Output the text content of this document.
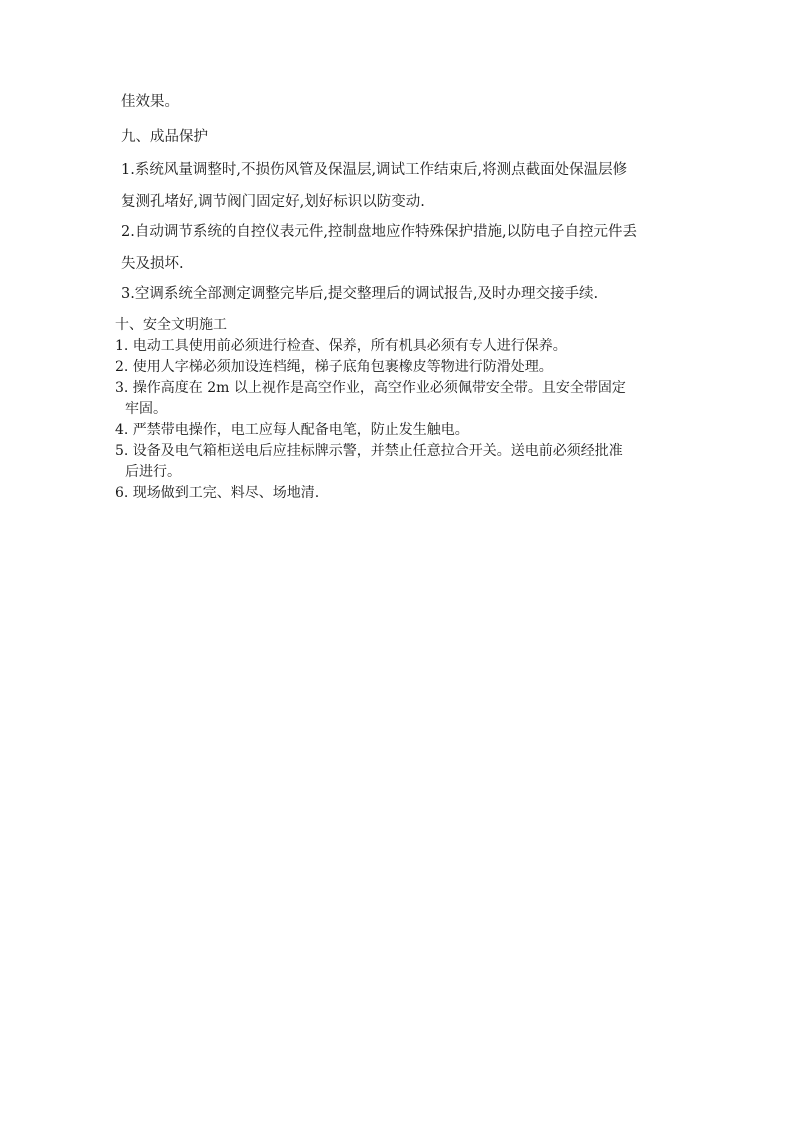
佳效果。
九、成品保护
1.系统风量调整时,不损伤风管及保温层,调试工作结束后,将测点截面处保温层修
复测孔堵好,调节阀门固定好,划好标识以防变动.
2.自动调节系统的自控仪表元件,控制盘地应作特殊保护措施,以防电子自控元件丢
失及损坏.
3.空调系统全部测定调整完毕后,提交整理后的调试报告,及时办理交接手续.
十、安全文明施工
1. 电动工具使用前必须进行检查、保养，所有机具必须有专人进行保养。
2. 使用人字梯必须加设连档绳，梯子底角包裹橡皮等物进行防滑处理。
3. 操作高度在 2m 以上视作是高空作业，高空作业必须佩带安全带。且安全带固定
牢固。
4. 严禁带电操作，电工应每人配备电笔，防止发生触电。
5. 设备及电气箱柜送电后应挂标牌示警，并禁止任意拉合开关。送电前必须经批准
后进行。
6. 现场做到工完、料尽、场地清.
